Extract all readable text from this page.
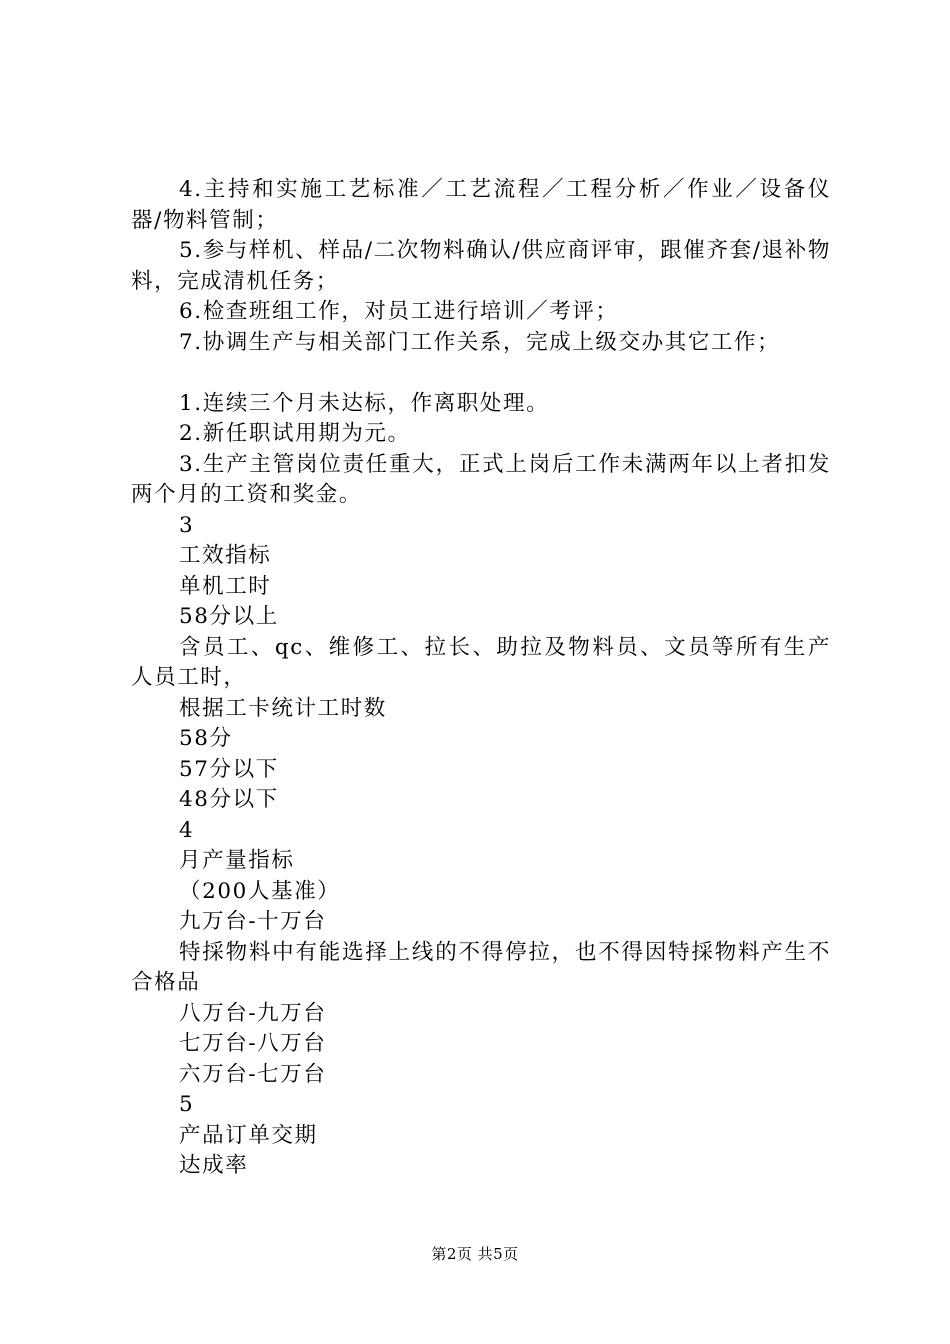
4.主持和实施工艺标准／工艺流程／工程分析／作业／设备仪器/物料管制；

5.参与样机、样品/二次物料确认/供应商评审，跟催齐套/退补物料，完成清机任务；

6.检查班组工作，对员工进行培训／考评；

7.协调生产与相关部门工作关系，完成上级交办其它工作；

1.连续三个月未达标，作离职处理。

2.新任职试用期为元。

3.生产主管岗位责任重大，正式上岗后工作未满两年以上者扣发两个月的工资和奖金。

3

工效指标

单机工时

58分以上

含员工、qc、维修工、拉长、助拉及物料员、文员等所有生产人员工时，

根据工卡统计工时数

58分

57分以下

48分以下

4

月产量指标

（200人基准）

九万台-十万台

特採物料中有能选择上线的不得停拉，也不得因特採物料产生不合格品

八万台-九万台

七万台-八万台

六万台-七万台

5

产品订单交期

达成率

第2页 共5页
